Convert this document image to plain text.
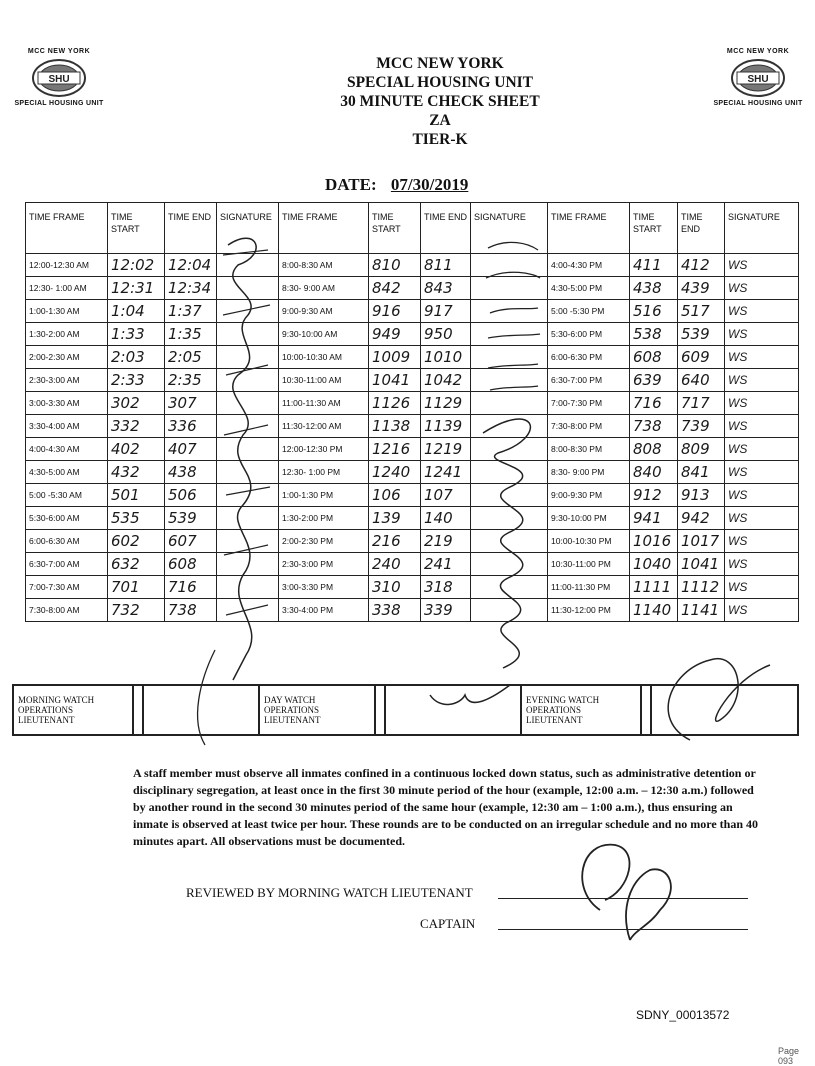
MCC NEW YORK
SHU
SPECIAL HOUSING UNIT
MCC NEW YORK
SHU
SPECIAL HOUSING UNIT
MCC NEW YORK
SPECIAL HOUSING UNIT
30 MINUTE CHECK SHEET
ZA
TIER-K
DATE: 07/30/2019
TIME FRAME	TIME START	TIME END	SIGNATURE	TIME FRAME	TIME START	TIME END	SIGNATURE	TIME FRAME	TIME START	TIME END	SIGNATURE
12:00-12:30 AM	12:02	12:04		8:00-8:30 AM	810	811		4:00-4:30 PM	411	412	WS
12:30- 1:00 AM	12:31	12:34		8:30- 9:00 AM	842	843		4:30-5:00 PM	438	439	WS
1:00-1:30 AM	1:04	1:37		9:00-9:30 AM	916	917		5:00 -5:30 PM	516	517	WS
1:30-2:00 AM	1:33	1:35		9:30-10:00 AM	949	950		5:30-6:00 PM	538	539	WS
2:00-2:30 AM	2:03	2:05		10:00-10:30 AM	1009	1010		6:00-6:30 PM	608	609	WS
2:30-3:00 AM	2:33	2:35		10:30-11:00 AM	1041	1042		6:30-7:00 PM	639	640	WS
3:00-3:30 AM	302	307		11:00-11:30 AM	1126	1129		7:00-7:30 PM	716	717	WS
3:30-4:00 AM	332	336		11:30-12:00 AM	1138	1139		7:30-8:00 PM	738	739	WS
4:00-4:30 AM	402	407		12:00-12:30 PM	1216	1219		8:00-8:30 PM	808	809	WS
4:30-5:00 AM	432	438		12:30- 1:00 PM	1240	1241		8:30- 9:00 PM	840	841	WS
5:00 -5:30 AM	501	506		1:00-1:30 PM	106	107		9:00-9:30 PM	912	913	WS
5:30-6:00 AM	535	539		1:30-2:00 PM	139	140		9:30-10:00 PM	941	942	WS
6:00-6:30 AM	602	607		2:00-2:30 PM	216	219		10:00-10:30 PM	1016	1017	WS
6:30-7:00 AM	632	608		2:30-3:00 PM	240	241		10:30-11:00 PM	1040	1041	WS
7:00-7:30 AM	701	716		3:00-3:30 PM	310	318		11:00-11:30 PM	1111	1112	WS
7:30-8:00 AM	732	738		3:30-4:00 PM	338	339		11:30-12:00 PM	1140	1141	WS
MORNING WATCH OPERATIONS LIEUTENANT			DAY WATCH OPERATIONS LIEUTENANT			EVENING WATCH OPERATIONS LIEUTENANT		
A staff member must observe all inmates confined in a continuous locked down status, such as administrative detention or disciplinary segregation, at least once in the first 30 minute period of the hour (example, 12:00 a.m. – 12:30 a.m.) followed by another round in the second 30 minutes period of the same hour (example, 12:30 am – 1:00 a.m.), thus ensuring an inmate is observed at least twice per hour. These rounds are to be conducted on an irregular schedule and no more than 40 minutes apart. All observations must be documented.
REVIEWED BY MORNING WATCH LIEUTENANT
CAPTAIN
SDNY_00013572
Page 093
